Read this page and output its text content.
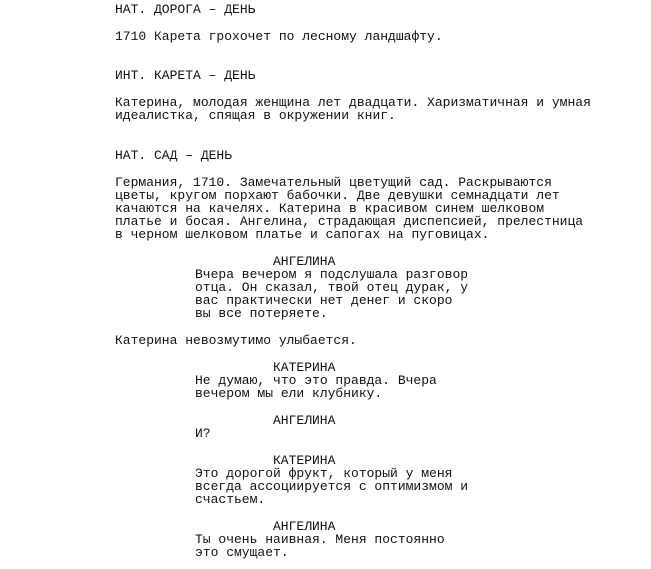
НАТ. ДОРОГА – ДЕНЬ
1710 Карета грохочет по лесному ландшафту.
ИНТ. КАРЕТА – ДЕНЬ
Катерина, молодая женщина лет двадцати. Харизматичная и умная
идеалистка, спящая в окружении книг.
НАТ. САД – ДЕНЬ
Германия, 1710. Замечательный цветущий сад. Раскрываются
цветы, кругом порхают бабочки. Две девушки семнадцати лет
качаются на качелях. Катерина в красивом синем шелковом
платье и босая. Ангелина, страдающая диспепсией, прелестница
в черном шелковом платье и сапогах на пуговицах.
АНГЕЛИНА
Вчера вечером я подслушала разговор
отца. Он сказал, твой отец дурак, у
вас практически нет денег и скоро
вы все потеряете.
Катерина невозмутимо улыбается.
КАТЕРИНА
Не думаю, что это правда. Вчера
вечером мы ели клубнику.
АНГЕЛИНА
И?
КАТЕРИНА
Это дорогой фрукт, который у меня
всегда ассоциируется с оптимизмом и
счастьем.
АНГЕЛИНА
Ты очень наивная. Меня постоянно
это смущает.
